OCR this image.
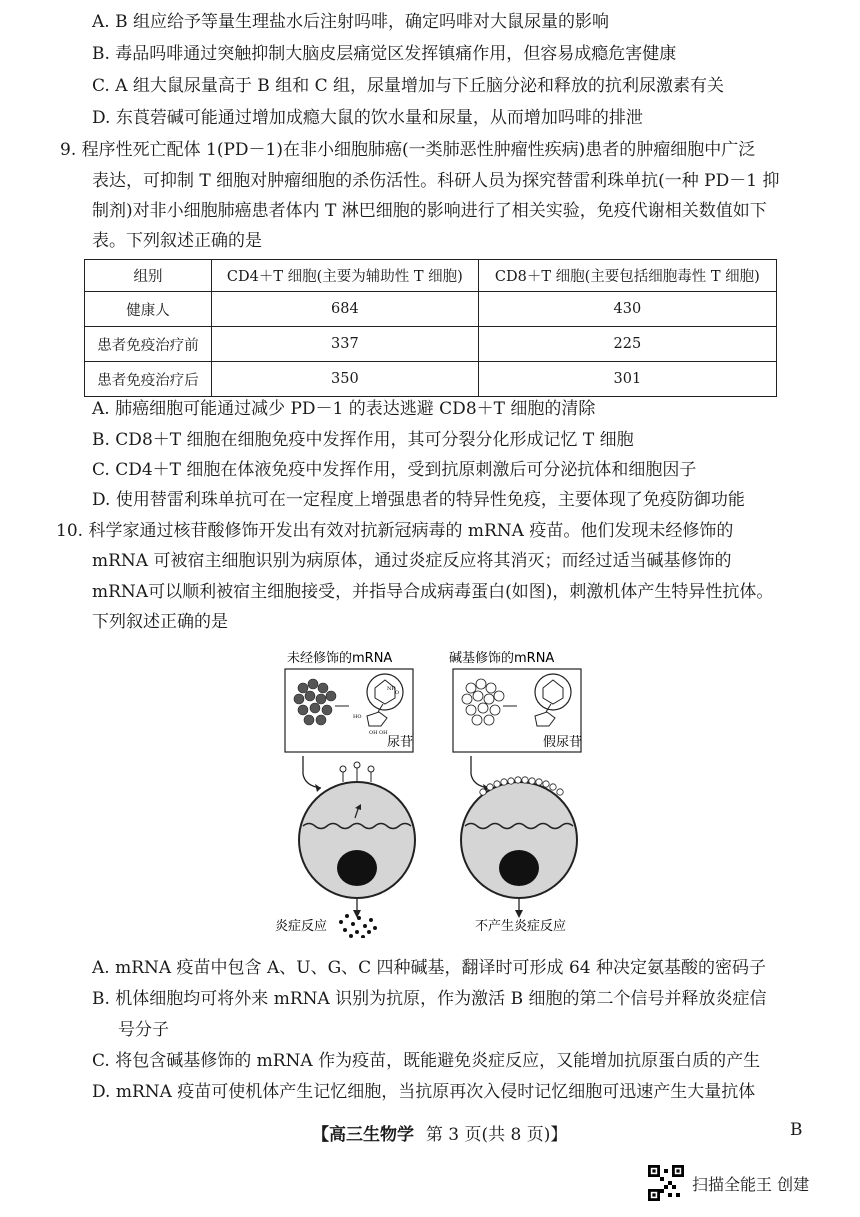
A. B 组应给予等量生理盐水后注射吗啡，确定吗啡对大鼠尿量的影响
B. 毒品吗啡通过突触抑制大脑皮层痛觉区发挥镇痛作用，但容易成瘾危害健康
C. A 组大鼠尿量高于 B 组和 C 组，尿量增加与下丘脑分泌和释放的抗利尿激素有关
D. 东莨菪碱可能通过增加成瘾大鼠的饮水量和尿量，从而增加吗啡的排泄
9. 程序性死亡配体 1(PD－1)在非小细胞肺癌(一类肺恶性肿瘤性疾病)患者的肿瘤细胞中广泛
表达，可抑制 T 细胞对肿瘤细胞的杀伤活性。科研人员为探究替雷利珠单抗(一种 PD－1 抑
制剂)对非小细胞肺癌患者体内 T 淋巴细胞的影响进行了相关实验，免疫代谢相关数值如下
表。下列叙述正确的是
组别	CD4＋T 细胞(主要为辅助性 T 细胞)	CD8＋T 细胞(主要包括细胞毒性 T 细胞)
健康人	684	430
患者免疫治疗前	337	225
患者免疫治疗后	350	301
A. 肺癌细胞可能通过减少 PD－1 的表达逃避 CD8＋T 细胞的清除
B. CD8＋T 细胞在细胞免疫中发挥作用，其可分裂分化形成记忆 T 细胞
C. CD4＋T 细胞在体液免疫中发挥作用，受到抗原刺激后可分泌抗体和细胞因子
D. 使用替雷利珠单抗可在一定程度上增强患者的特异性免疫，主要体现了免疫防御功能
10. 科学家通过核苷酸修饰开发出有效对抗新冠病毒的 mRNA 疫苗。他们发现未经修饰的
mRNA 可被宿主细胞识别为病原体，通过炎症反应将其消灭；而经过适当碱基修饰的
mRNA可以顺利被宿主细胞接受，并指导合成病毒蛋白(如图)，刺激机体产生特异性抗体。
下列叙述正确的是
未经修饰的mRNA	碱基修饰的mRNA
NH
O
HO
OH OH
尿苷	假尿苷
炎症反应	不产生炎症反应
A. mRNA 疫苗中包含 A、U、G、C 四种碱基，翻译时可形成 64 种决定氨基酸的密码子
B. 机体细胞均可将外来 mRNA 识别为抗原，作为激活 B 细胞的第二个信号并释放炎症信
号分子
C. 将包含碱基修饰的 mRNA 作为疫苗，既能避免炎症反应，又能增加抗原蛋白质的产生
D. mRNA 疫苗可使机体产生记忆细胞，当抗原再次入侵时记忆细胞可迅速产生大量抗体
【高三生物学 第 3 页(共 8 页)】	B
扫描全能王 创建
